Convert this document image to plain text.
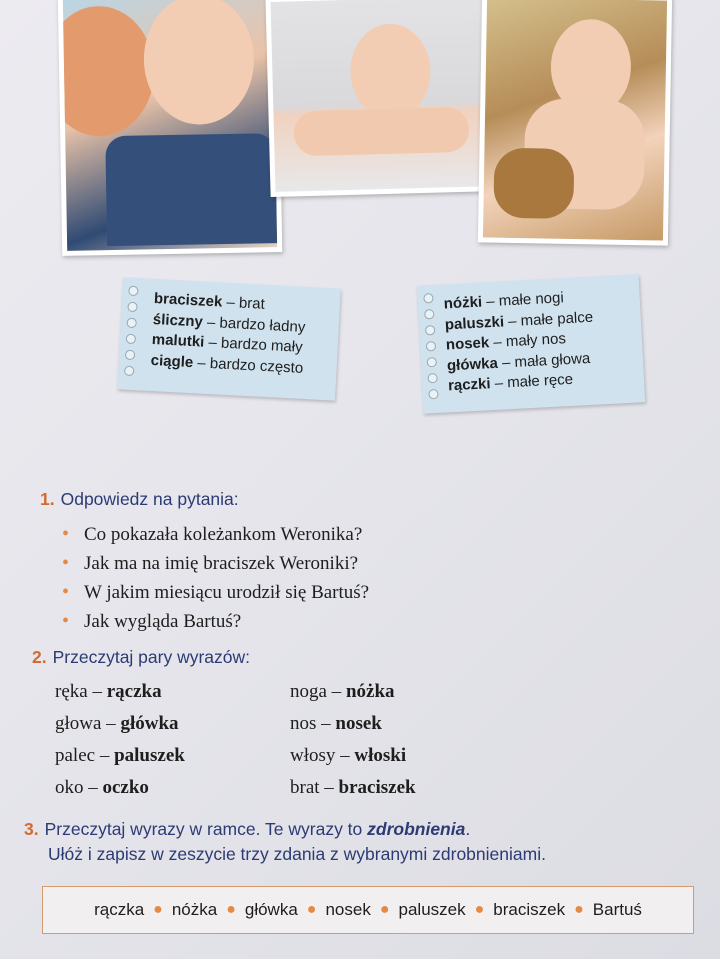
braciszek – brat
śliczny – bardzo ładny
malutki – bardzo mały
ciągle – bardzo często
nóżki – małe nogi
paluszki – małe palce
nosek – mały nos
główka – mała głowa
rączki – małe ręce
1. Odpowiedz na pytania:
• Co pokazała koleżankom Weronika?
• Jak ma na imię braciszek Weroniki?
• W jakim miesiącu urodził się Bartuś?
• Jak wygląda Bartuś?
2. Przeczytaj pary wyrazów:
ręka – rączka
głowa – główka
palec – paluszek
oko – oczko
noga – nóżka
nos – nosek
włosy – włoski
brat – braciszek
3. Przeczytaj wyrazy w ramce. Te wyrazy to zdrobnienia.
Ułóż i zapisz w zeszycie trzy zdania z wybranymi zdrobnieniami.
rączka ● nóżka ● główka ● nosek ● paluszek ● braciszek ● Bartuś
